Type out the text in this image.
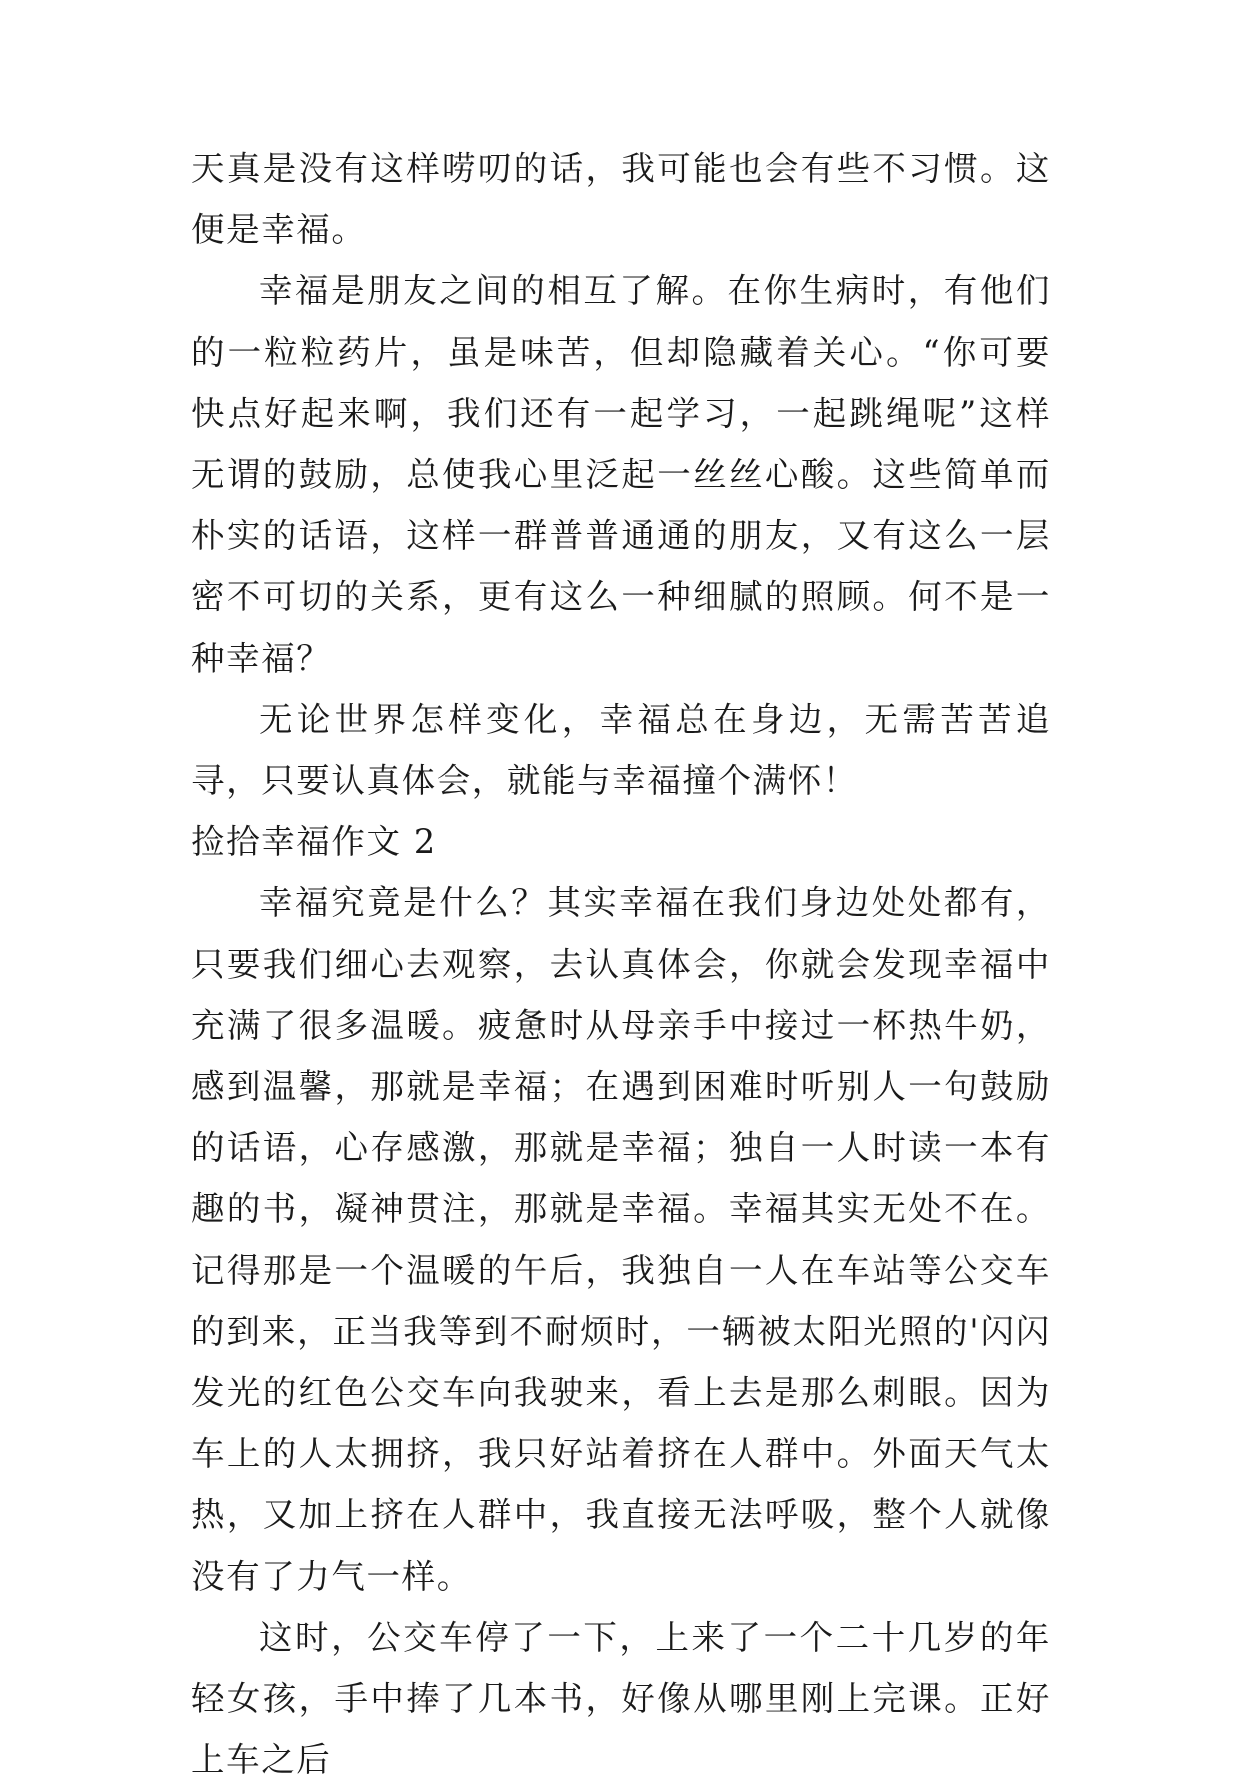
天真是没有这样唠叨的话，我可能也会有些不习惯。这便是幸福。

幸福是朋友之间的相互了解。在你生病时，有他们的一粒粒药片，虽是味苦，但却隐藏着关心。“你可要快点好起来啊，我们还有一起学习，一起跳绳呢”这样无谓的鼓励，总使我心里泛起一丝丝心酸。这些简单而朴实的话语，这样一群普普通通的朋友，又有这么一层密不可切的关系，更有这么一种细腻的照顾。何不是一种幸福？

无论世界怎样变化，幸福总在身边，无需苦苦追寻，只要认真体会，就能与幸福撞个满怀！

捡拾幸福作文 2

幸福究竟是什么？其实幸福在我们身边处处都有，只要我们细心去观察，去认真体会，你就会发现幸福中充满了很多温暖。疲惫时从母亲手中接过一杯热牛奶，感到温馨，那就是幸福；在遇到困难时听别人一句鼓励的话语，心存感激，那就是幸福；独自一人时读一本有趣的书，凝神贯注，那就是幸福。幸福其实无处不在。记得那是一个温暖的午后，我独自一人在车站等公交车的到来，正当我等到不耐烦时，一辆被太阳光照的'闪闪发光的红色公交车向我驶来，看上去是那么刺眼。因为车上的人太拥挤，我只好站着挤在人群中。外面天气太热，又加上挤在人群中，我直接无法呼吸，整个人就像没有了力气一样。

这时，公交车停了一下，上来了一个二十几岁的年轻女孩，手中捧了几本书，好像从哪里刚上完课。正好上车之后
